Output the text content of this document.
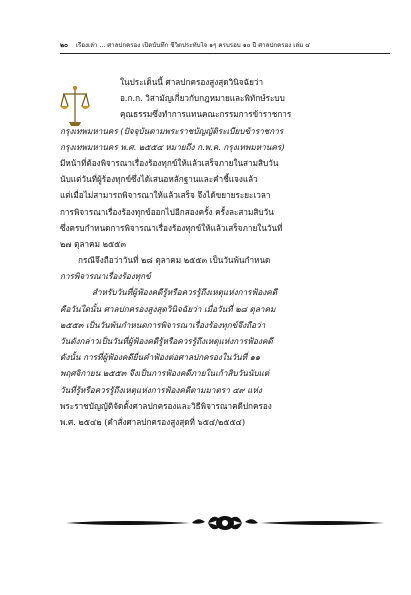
๒๐ เรื่องเล่า ... ศาลปกครอง เปิดบันทึก ชีวิตประทับใจ ๑ๆ ครบรอบ ๑๐ ปี ศาลปกครอง เล่ม ๔
ในประเด็นนี้ ศาลปกครองสูงสุดวินิจฉัยว่า
อ.ก.ก. วิสามัญเกี่ยวกับกฎหมายและพิทักษ์ระบบ
คุณธรรมซึ่งทำการแทนคณะกรรมการข้าราชการ
กรุงเทพมหานคร (ปัจจุบันตามพระราชบัญญัติระเบียบข้าราชการ
กรุงเทพมหานคร พ.ศ. ๒๕๕๔ หมายถึง ก.พ.ค. กรุงเทพมหานคร)
มีหน้าที่ต้องพิจารณาเรื่องร้องทุกข์ให้แล้วเสร็จภายในสามสิบวัน
นับแต่วันที่ผู้ร้องทุกข์ซึ่งได้เสนอหลักฐานและคำชี้แจงแล้ว
แต่เมื่อไม่สามารถพิจารณาให้แล้วเสร็จ จึงได้ขยายระยะเวลา
การพิจารณาเรื่องร้องทุกข์ออกไปอีกสองครั้ง ครั้งละสามสิบวัน
ซึ่งครบกำหนดการพิจารณาเรื่องร้องทุกข์ให้แล้วเสร็จภายในวันที่
๒๗ ตุลาคม ๒๕๕๓
กรณีจึงถือว่าวันที่ ๒๘ ตุลาคม ๒๕๕๓ เป็นวันพ้นกำหนด
การพิจารณาเรื่องร้องทุกข์
สำหรับวันที่ผู้ฟ้องคดีรู้หรือควรรู้ถึงเหตุแห่งการฟ้องคดี
คือวันใดนั้น ศาลปกครองสูงสุดวินิจฉัยว่า เมื่อวันที่ ๒๘ ตุลาคม
๒๕๕๓ เป็นวันพ้นกำหนดการพิจารณาเรื่องร้องทุกข์จึงถือว่า
วันดังกล่าวเป็นวันที่ผู้ฟ้องคดีรู้หรือควรรู้ถึงเหตุแห่งการฟ้องคดี
ดังนั้น การที่ผู้ฟ้องคดียื่นคำฟ้องต่อศาลปกครองในวันที่ ๑๑
พฤศจิกายน ๒๕๕๓ จึงเป็นการฟ้องคดีภายในเก้าสิบวันนับแต่
วันที่รู้หรือควรรู้ถึงเหตุแห่งการฟ้องคดีตามมาตรา ๔๙ แห่ง
พระราชบัญญัติจัดตั้งศาลปกครองและวิธีพิจารณาคดีปกครอง
พ.ศ. ๒๕๔๒ (คำสั่งศาลปกครองสูงสุดที่ ๖๕๔/๒๕๕๔)
